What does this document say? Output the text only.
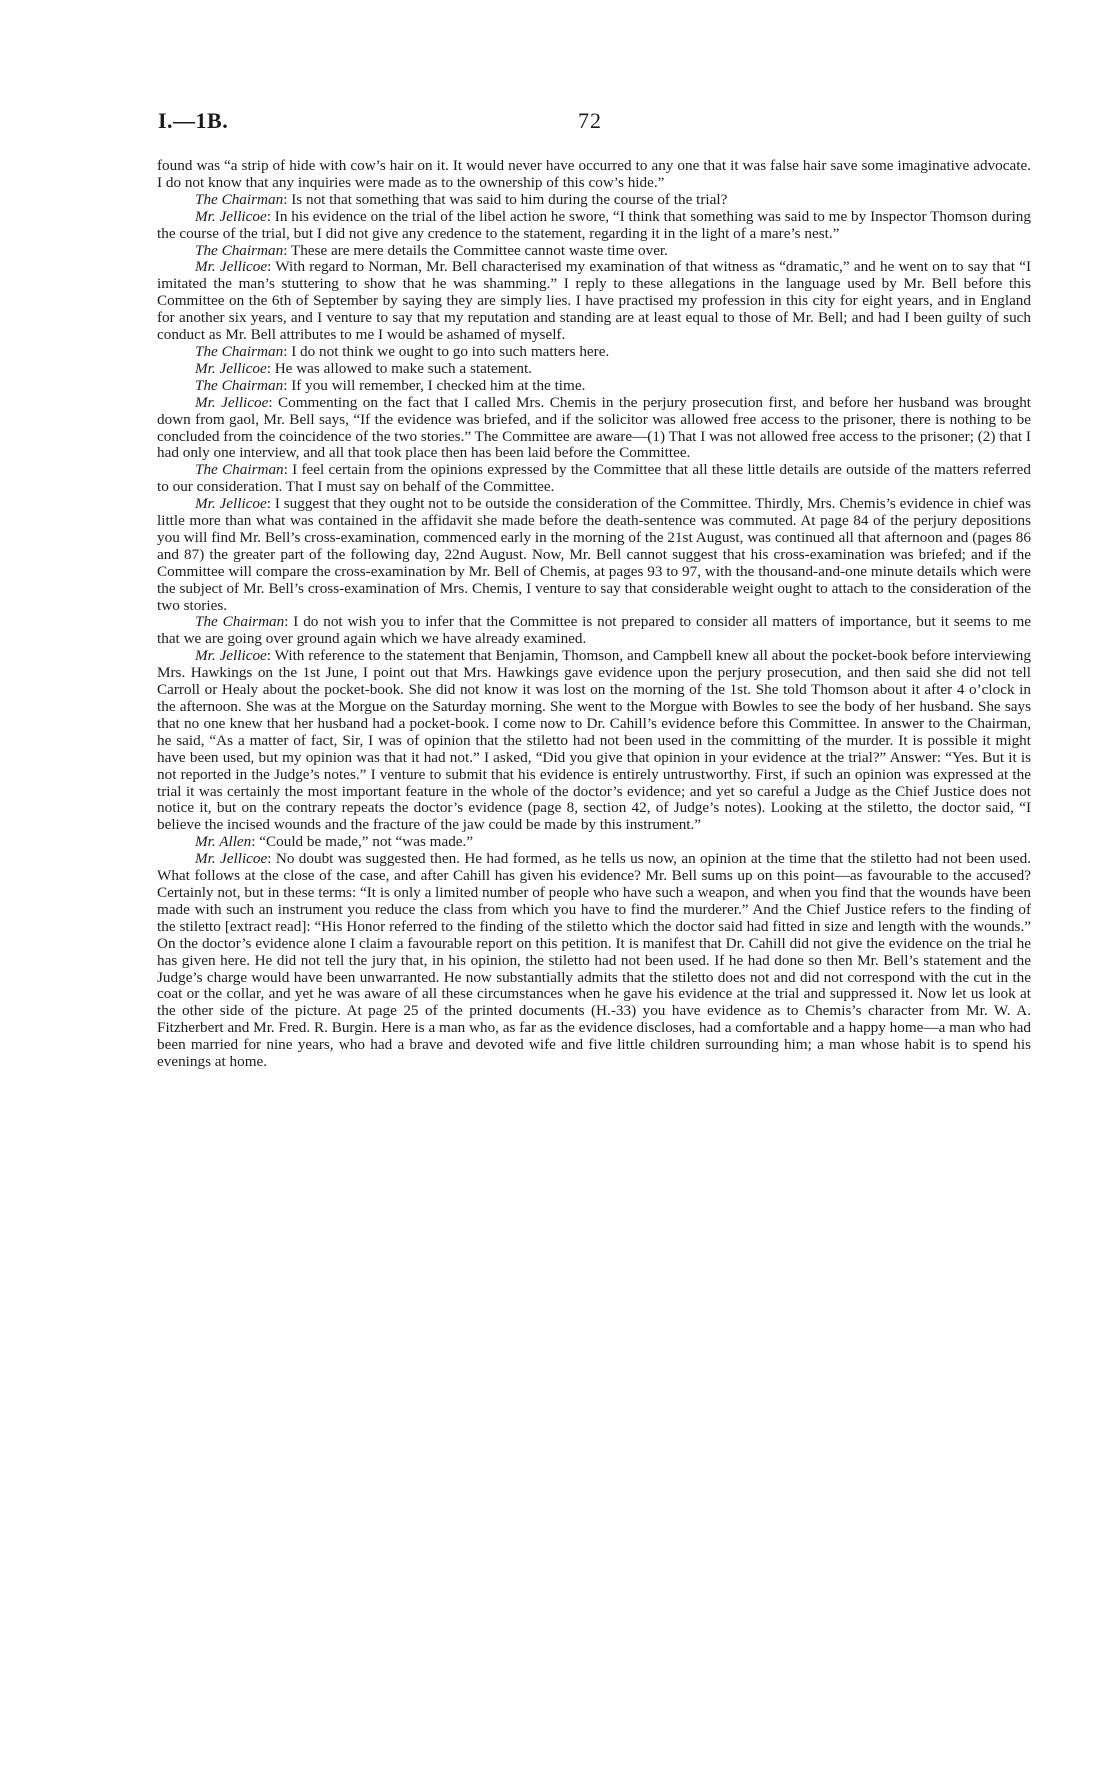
I.—1B.	72

found was “a strip of hide with cow’s hair on it. It would never have occurred to any one that it was false hair save some imaginative advocate. I do not know that any inquiries were made as to the ownership of this cow’s hide.”

The Chairman: Is not that something that was said to him during the course of the trial?

Mr. Jellicoe: In his evidence on the trial of the libel action he swore, “I think that something was said to me by Inspector Thomson during the course of the trial, but I did not give any credence to the statement, regarding it in the light of a mare’s nest.”

The Chairman: These are mere details the Committee cannot waste time over.

Mr. Jellicoe: With regard to Norman, Mr. Bell characterised my examination of that witness as “dramatic,” and he went on to say that “I imitated the man’s stuttering to show that he was shamming.” I reply to these allegations in the language used by Mr. Bell before this Committee on the 6th of September by saying they are simply lies. I have practised my profession in this city for eight years, and in England for another six years, and I venture to say that my reputation and standing are at least equal to those of Mr. Bell; and had I been guilty of such conduct as Mr. Bell attributes to me I would be ashamed of myself.

The Chairman: I do not think we ought to go into such matters here.

Mr. Jellicoe: He was allowed to make such a statement.

The Chairman: If you will remember, I checked him at the time.

Mr. Jellicoe: Commenting on the fact that I called Mrs. Chemis in the perjury prosecution first, and before her husband was brought down from gaol, Mr. Bell says, “If the evidence was briefed, and if the solicitor was allowed free access to the prisoner, there is nothing to be concluded from the coincidence of the two stories.” The Committee are aware—(1) That I was not allowed free access to the prisoner; (2) that I had only one interview, and all that took place then has been laid before the Committee.

The Chairman: I feel certain from the opinions expressed by the Committee that all these little details are outside of the matters referred to our consideration. That I must say on behalf of the Committee.

Mr. Jellicoe: I suggest that they ought not to be outside the consideration of the Committee. Thirdly, Mrs. Chemis’s evidence in chief was little more than what was contained in the affidavit she made before the death-sentence was commuted. At page 84 of the perjury depositions you will find Mr. Bell’s cross-examination, commenced early in the morning of the 21st August, was continued all that afternoon and (pages 86 and 87) the greater part of the following day, 22nd August. Now, Mr. Bell cannot suggest that his cross-examination was briefed; and if the Committee will compare the cross-examination by Mr. Bell of Chemis, at pages 93 to 97, with the thousand-and-one minute details which were the subject of Mr. Bell’s cross-examination of Mrs. Chemis, I venture to say that considerable weight ought to attach to the consideration of the two stories.

The Chairman: I do not wish you to infer that the Committee is not prepared to consider all matters of importance, but it seems to me that we are going over ground again which we have already examined.

Mr. Jellicoe: With reference to the statement that Benjamin, Thomson, and Campbell knew all about the pocket-book before interviewing Mrs. Hawkings on the 1st June, I point out that Mrs. Hawkings gave evidence upon the perjury prosecution, and then said she did not tell Carroll or Healy about the pocket-book. She did not know it was lost on the morning of the 1st. She told Thomson about it after 4 o’clock in the afternoon. She was at the Morgue on the Saturday morning. She went to the Morgue with Bowles to see the body of her husband. She says that no one knew that her husband had a pocket-book. I come now to Dr. Cahill’s evidence before this Committee. In answer to the Chairman, he said, “As a matter of fact, Sir, I was of opinion that the stiletto had not been used in the committing of the murder. It is possible it might have been used, but my opinion was that it had not.” I asked, “Did you give that opinion in your evidence at the trial?” Answer: “Yes. But it is not reported in the Judge’s notes.” I venture to submit that his evidence is entirely untrustworthy. First, if such an opinion was expressed at the trial it was certainly the most important feature in the whole of the doctor’s evidence; and yet so careful a Judge as the Chief Justice does not notice it, but on the contrary repeats the doctor’s evidence (page 8, section 42, of Judge’s notes). Looking at the stiletto, the doctor said, “I believe the incised wounds and the fracture of the jaw could be made by this instrument.”

Mr. Allen: “Could be made,” not “was made.”

Mr. Jellicoe: No doubt was suggested then. He had formed, as he tells us now, an opinion at the time that the stiletto had not been used. What follows at the close of the case, and after Cahill has given his evidence? Mr. Bell sums up on this point—as favourable to the accused? Certainly not, but in these terms: “It is only a limited number of people who have such a weapon, and when you find that the wounds have been made with such an instrument you reduce the class from which you have to find the murderer.” And the Chief Justice refers to the finding of the stiletto [extract read]: “His Honor referred to the finding of the stiletto which the doctor said had fitted in size and length with the wounds.” On the doctor’s evidence alone I claim a favourable report on this petition. It is manifest that Dr. Cahill did not give the evidence on the trial he has given here. He did not tell the jury that, in his opinion, the stiletto had not been used. If he had done so then Mr. Bell’s statement and the Judge’s charge would have been unwarranted. He now substantially admits that the stiletto does not and did not correspond with the cut in the coat or the collar, and yet he was aware of all these circumstances when he gave his evidence at the trial and suppressed it. Now let us look at the other side of the picture. At page 25 of the printed documents (H.-33) you have evidence as to Chemis’s character from Mr. W. A. Fitzherbert and Mr. Fred. R. Burgin. Here is a man who, as far as the evidence discloses, had a comfortable and a happy home—a man who had been married for nine years, who had a brave and devoted wife and five little children surrounding him; a man whose habit is to spend his evenings at home.
